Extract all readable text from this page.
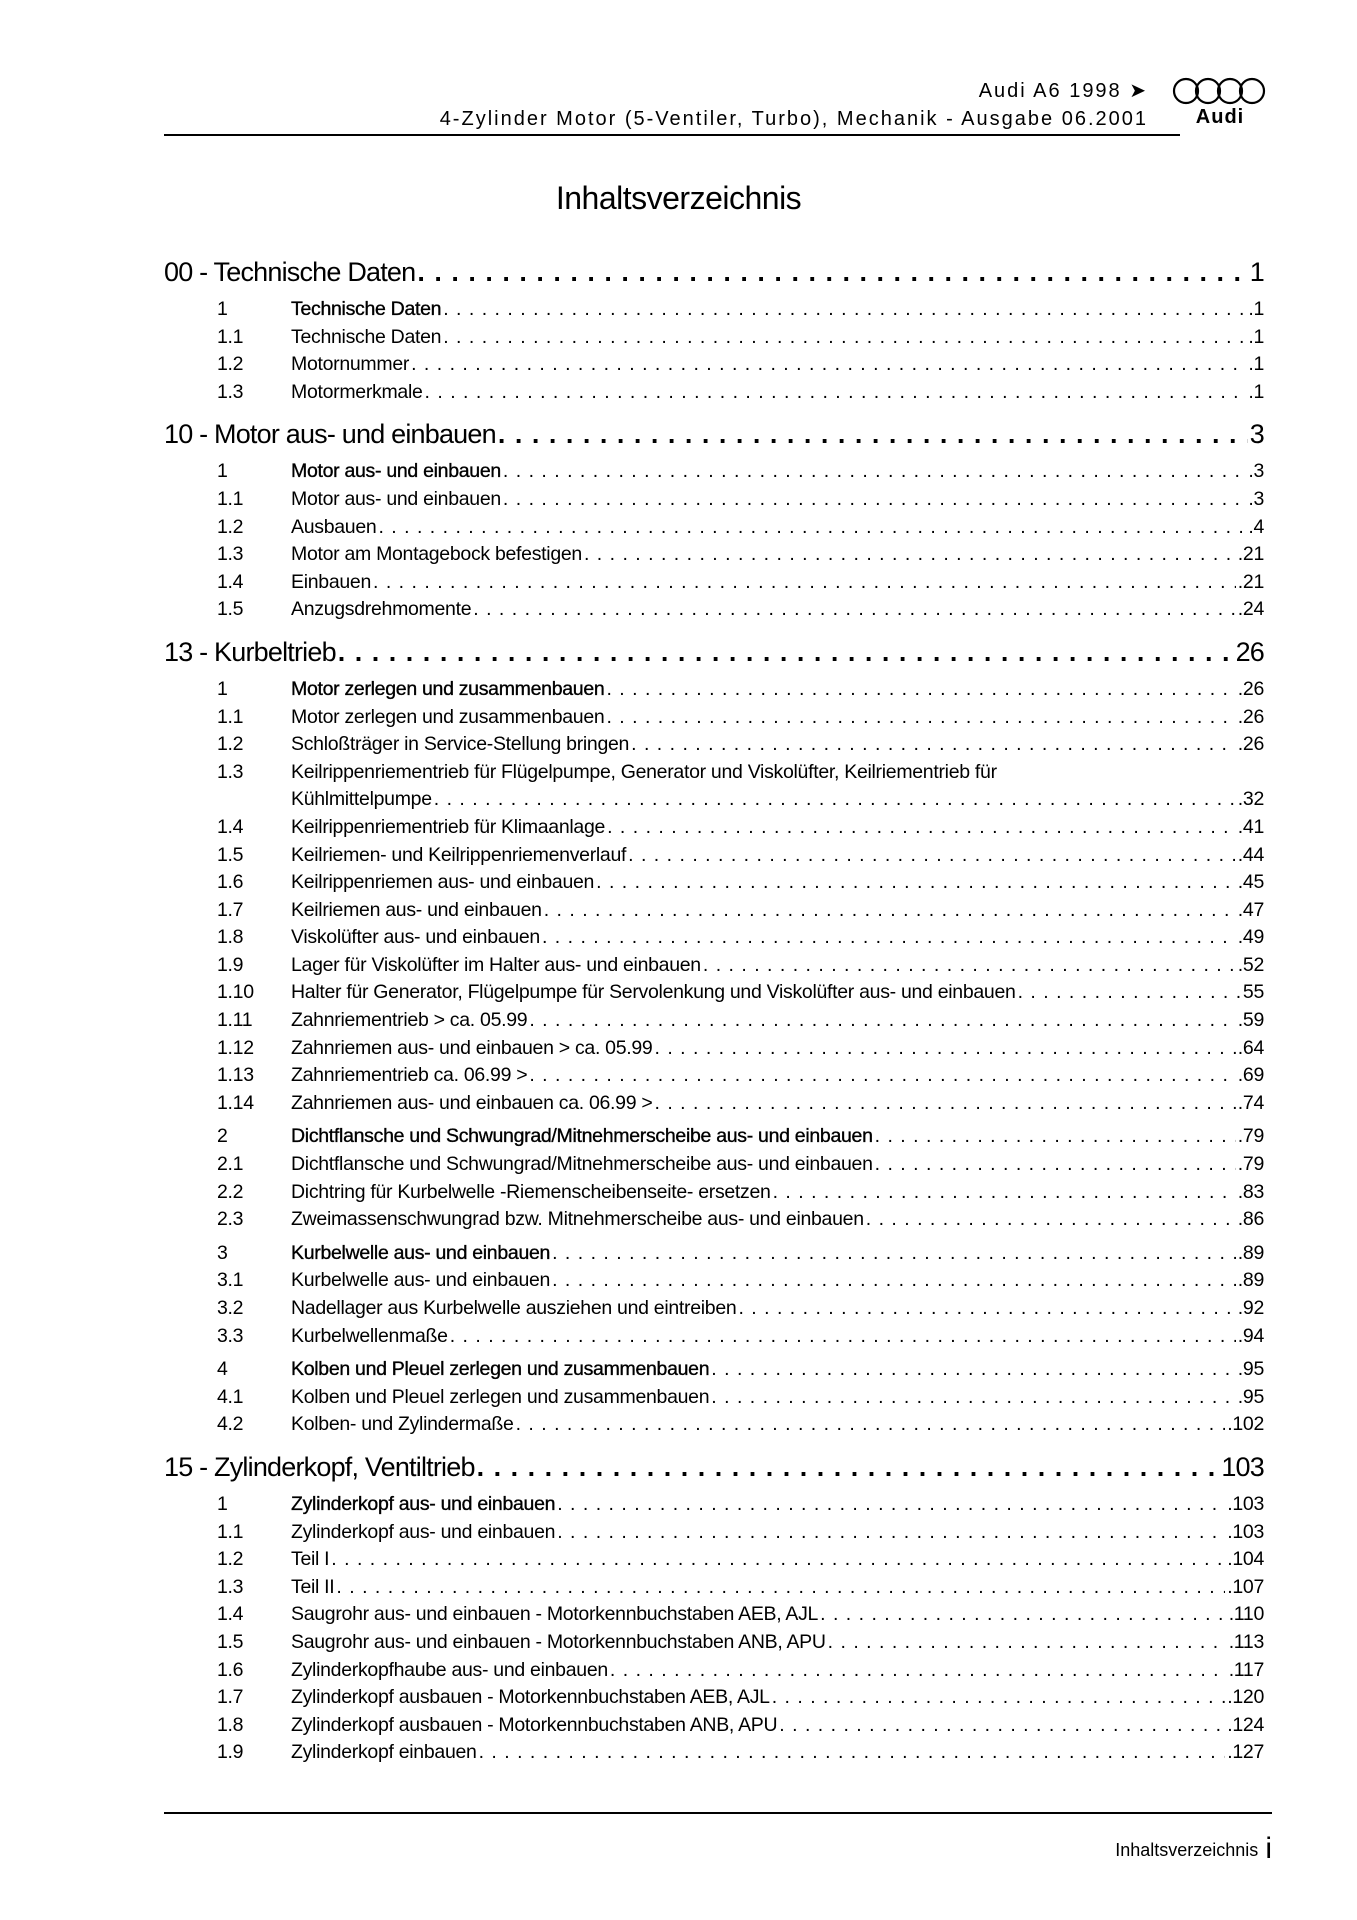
Audi A6 1998 ➤
4-Zylinder Motor (5-Ventiler, Turbo), Mechanik - Ausgabe 06.2001	Audi
Inhaltsverzeichnis
00 - Technische Daten . . .	1
1	Technische Daten . . .	.1
1.1	Technische Daten . . .	.1
1.2	Motornummer . . .	.1
1.3	Motormerkmale . . .	.1
10 - Motor aus- und einbauen . . .	3
1	Motor aus- und einbauen . . .	.3
1.1	Motor aus- und einbauen . . .	.3
1.2	Ausbauen . . .	.4
1.3	Motor am Montagebock befestigen . . .	.21
1.4	Einbauen . . .	.21
1.5	Anzugsdrehmomente . . .	.24
13 - Kurbeltrieb . . .	26
1	Motor zerlegen und zusammenbauen . . .	.26
1.1	Motor zerlegen und zusammenbauen . . .	.26
1.2	Schloßträger in Service-Stellung bringen . . .	.26
1.3	Keilrippenriementrieb für Flügelpumpe, Generator und Viskolüfter, Keilriementrieb für
Kühlmittelpumpe . . .	.32
1.4	Keilrippenriementrieb für Klimaanlage . . .	.41
1.5	Keilriemen- und Keilrippenriemenverlauf . . .	.44
1.6	Keilrippenriemen aus- und einbauen . . .	.45
1.7	Keilriemen aus- und einbauen . . .	.47
1.8	Viskolüfter aus- und einbauen . . .	.49
1.9	Lager für Viskolüfter im Halter aus- und einbauen . . .	.52
1.10	Halter für Generator, Flügelpumpe für Servolenkung und Viskolüfter aus- und einbauen . . .	55
1.11	Zahnriementrieb > ca. 05.99 . . .	.59
1.12	Zahnriemen aus- und einbauen > ca. 05.99 . . .	.64
1.13	Zahnriementrieb ca. 06.99 > . . .	.69
1.14	Zahnriemen aus- und einbauen ca. 06.99 > . . .	.74
2	Dichtflansche und Schwungrad/Mitnehmerscheibe aus- und einbauen . . .	.79
2.1	Dichtflansche und Schwungrad/Mitnehmerscheibe aus- und einbauen . . .	.79
2.2	Dichtring für Kurbelwelle -Riemenscheibenseite- ersetzen . . .	.83
2.3	Zweimassenschwungrad bzw. Mitnehmerscheibe aus- und einbauen . . .	.86
3	Kurbelwelle aus- und einbauen . . .	.89
3.1	Kurbelwelle aus- und einbauen . . .	.89
3.2	Nadellager aus Kurbelwelle ausziehen und eintreiben . . .	.92
3.3	Kurbelwellenmaße . . .	.94
4	Kolben und Pleuel zerlegen und zusammenbauen . . .	.95
4.1	Kolben und Pleuel zerlegen und zusammenbauen . . .	.95
4.2	Kolben- und Zylindermaße . . .	.102
15 - Zylinderkopf, Ventiltrieb . . .	103
1	Zylinderkopf aus- und einbauen . . .	.103
1.1	Zylinderkopf aus- und einbauen . . .	.103
1.2	Teil I . . .	.104
1.3	Teil II . . .	.107
1.4	Saugrohr aus- und einbauen - Motorkennbuchstaben AEB, AJL . . .	.110
1.5	Saugrohr aus- und einbauen - Motorkennbuchstaben ANB, APU . . .	.113
1.6	Zylinderkopfhaube aus- und einbauen . . .	.117
1.7	Zylinderkopf ausbauen - Motorkennbuchstaben AEB, AJL . . .	.120
1.8	Zylinderkopf ausbauen - Motorkennbuchstaben ANB, APU . . .	.124
1.9	Zylinderkopf einbauen . . .	.127
Inhaltsverzeichnis i
